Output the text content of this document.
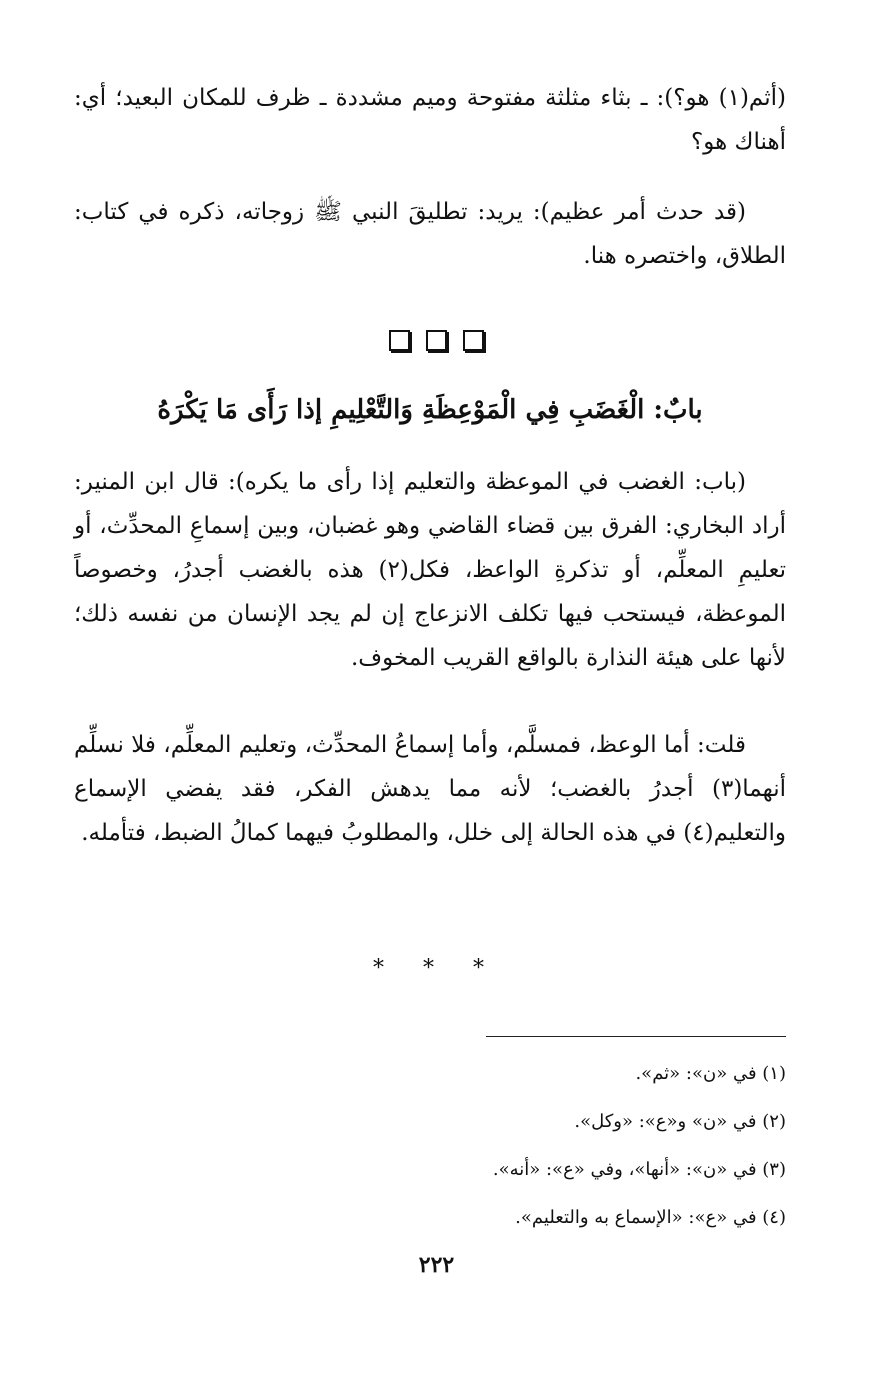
(أثم(١) هو؟): ـ بثاء مثلثة مفتوحة وميم مشددة ـ ظرف للمكان البعيد؛ أي: أهناك هو؟

(قد حدث أمر عظيم): يريد: تطليقَ النبي ﷺ زوجاته، ذكره في كتاب: الطلاق، واختصره هنا.

بابٌ: الْغَضَبِ فِي الْمَوْعِظَةِ وَالتَّعْلِيمِ إذا رَأَى مَا يَكْرَهُ

(باب: الغضب في الموعظة والتعليم إذا رأى ما يكره): قال ابن المنير: أراد البخاري: الفرق بين قضاء القاضي وهو غضبان، وبين إسماعِ المحدِّث، أو تعليمِ المعلِّم، أو تذكرةِ الواعظ، فكل(٢) هذه بالغضب أجدرُ، وخصوصاً الموعظة، فيستحب فيها تكلف الانزعاج إن لم يجد الإنسان من نفسه ذلك؛ لأنها على هيئة النذارة بالواقع القريب المخوف.

قلت: أما الوعظ، فمسلَّم، وأما إسماعُ المحدِّث، وتعليم المعلِّم، فلا نسلِّم أنهما(٣) أجدرُ بالغضب؛ لأنه مما يدهش الفكر، فقد يفضي الإسماع والتعليم(٤) في هذه الحالة إلى خلل، والمطلوبُ فيهما كمالُ الضبط، فتأمله.

* * *
(١) في «ن»: «ثم».
(٢) في «ن» و«ع»: «وكل».
(٣) في «ن»: «أنها»، وفي «ع»: «أنه».
(٤) في «ع»: «الإسماع به والتعليم».
٢٢٢
